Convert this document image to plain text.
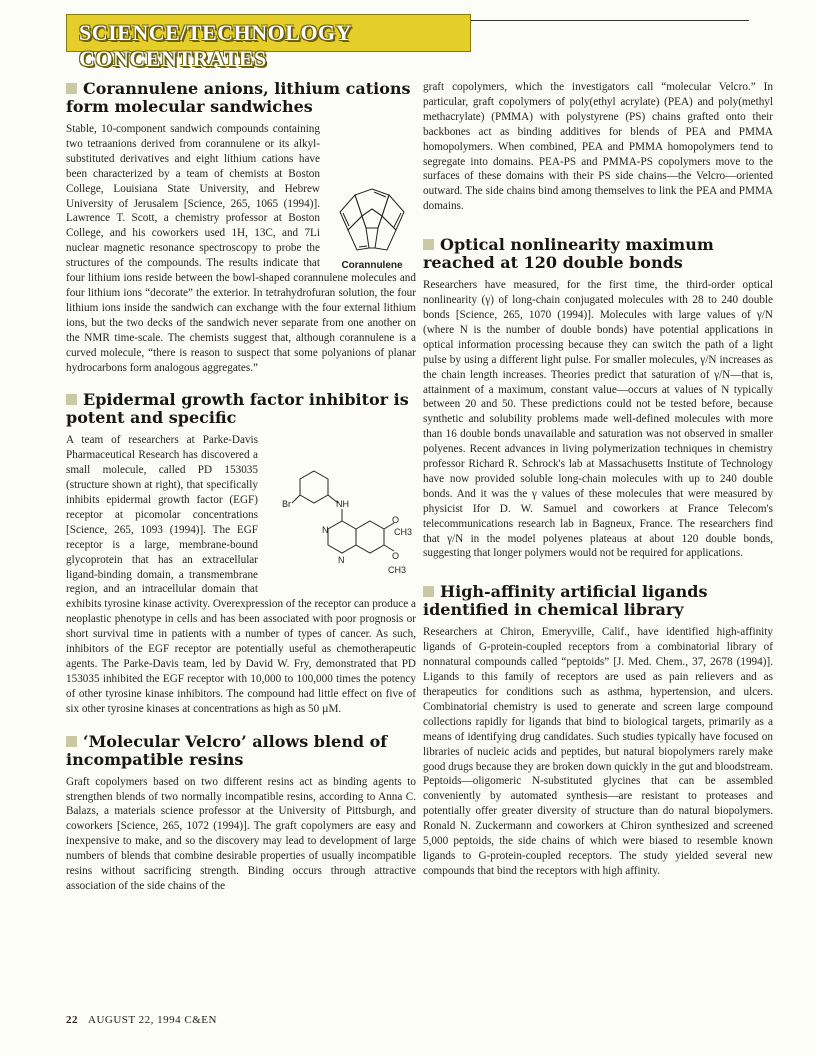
SCIENCE/TECHNOLOGY CONCENTRATES
Corannulene anions, lithium cations form molecular sandwiches
Corannulene

Stable, 10-component sandwich compounds containing two tetraanions derived from corannulene or its alkyl-substituted derivatives and eight lithium cations have been characterized by a team of chemists at Boston College, Louisiana State University, and Hebrew University of Jerusalem [Science, 265, 1065 (1994)]. Lawrence T. Scott, a chemistry professor at Boston College, and his coworkers used 1H, 13C, and 7Li nuclear magnetic resonance spectroscopy to probe the structures of the compounds. The results indicate that four lithium ions reside between the bowl-shaped corannulene molecules and four lithium ions “decorate” the exterior. In tetrahydrofuran solution, the four lithium ions inside the sandwich can exchange with the four external lithium ions, but the two decks of the sandwich never separate from one another on the NMR time-scale. The chemists suggest that, although corannulene is a curved molecule, “there is reason to suspect that some polyanions of planar hydrocarbons form analogous aggregates.”

Epidermal growth factor inhibitor is potent and specific
Br	NH
N
N
O
O
CH3
CH3

A team of researchers at Parke-Davis Pharmaceutical Research has discovered a small molecule, called PD 153035 (structure shown at right), that specifically inhibits epidermal growth factor (EGF) receptor at picomolar concentrations [Science, 265, 1093 (1994)]. The EGF receptor is a large, membrane-bound glycoprotein that has an extracellular ligand-binding domain, a transmembrane region, and an intracellular domain that exhibits tyrosine kinase activity. Overexpression of the receptor can produce a neoplastic phenotype in cells and has been associated with poor prognosis or short survival time in patients with a number of types of cancer. As such, inhibitors of the EGF receptor are potentially useful as chemotherapeutic agents. The Parke-Davis team, led by David W. Fry, demonstrated that PD 153035 inhibited the EGF receptor with 10,000 to 100,000 times the potency of other tyrosine kinase inhibitors. The compound had little effect on five of six other tyrosine kinases at concentrations as high as 50 µM.

‘Molecular Velcro’ allows blend of incompatible resins

Graft copolymers based on two different resins act as binding agents to strengthen blends of two normally incompatible resins, according to Anna C. Balazs, a materials science professor at the University of Pittsburgh, and coworkers [Science, 265, 1072 (1994)]. The graft copolymers are easy and inexpensive to make, and so the discovery may lead to development of large numbers of blends that combine desirable properties of usually incompatible resins without sacrificing strength. Binding occurs through attractive association of the side chains of the

graft copolymers, which the investigators call “molecular Velcro.” In particular, graft copolymers of poly(ethyl acrylate) (PEA) and poly(methyl methacrylate) (PMMA) with polystyrene (PS) chains grafted onto their backbones act as binding additives for blends of PEA and PMMA homopolymers. When combined, PEA and PMMA homopolymers tend to segregate into domains. PEA-PS and PMMA-PS copolymers move to the surfaces of these domains with their PS side chains—the Velcro—oriented outward. The side chains bind among themselves to link the PEA and PMMA domains.

Optical nonlinearity maximum reached at 120 double bonds

Researchers have measured, for the first time, the third-order optical nonlinearity (γ) of long-chain conjugated molecules with 28 to 240 double bonds [Science, 265, 1070 (1994)]. Molecules with large values of γ/N (where N is the number of double bonds) have potential applications in optical information processing because they can switch the path of a light pulse by using a different light pulse. For smaller molecules, γ/N increases as the chain length increases. Theories predict that saturation of γ/N—that is, attainment of a maximum, constant value—occurs at values of N typically between 20 and 50. These predictions could not be tested before, because synthetic and solubility problems made well-defined molecules with more than 16 double bonds unavailable and saturation was not observed in smaller polyenes. Recent advances in living polymerization techniques in chemistry professor Richard R. Schrock's lab at Massachusetts Institute of Technology have now provided soluble long-chain molecules with up to 240 double bonds. And it was the γ values of these molecules that were measured by physicist Ifor D. W. Samuel and coworkers at France Telecom's telecommunications research lab in Bagneux, France. The researchers find that γ/N in the model polyenes plateaus at about 120 double bonds, suggesting that longer polymers would not be required for applications.

High-affinity artificial ligands identified in chemical library

Researchers at Chiron, Emeryville, Calif., have identified high-affinity ligands of G-protein-coupled receptors from a combinatorial library of nonnatural compounds called “peptoids” [J. Med. Chem., 37, 2678 (1994)]. Ligands to this family of receptors are used as pain relievers and as therapeutics for conditions such as asthma, hypertension, and ulcers. Combinatorial chemistry is used to generate and screen large compound collections rapidly for ligands that bind to biological targets, primarily as a means of identifying drug candidates. Such studies typically have focused on libraries of nucleic acids and peptides, but natural biopolymers rarely make good drugs because they are broken down quickly in the gut and bloodstream. Peptoids—oligomeric N-substituted glycines that can be assembled conveniently by automated synthesis—are resistant to proteases and potentially offer greater diversity of structure than do natural biopolymers. Ronald N. Zuckermann and coworkers at Chiron synthesized and screened 5,000 peptoids, the side chains of which were biased to resemble known ligands to G-protein-coupled receptors. The study yielded several new compounds that bind the receptors with high affinity.

22 AUGUST 22, 1994 C&EN
